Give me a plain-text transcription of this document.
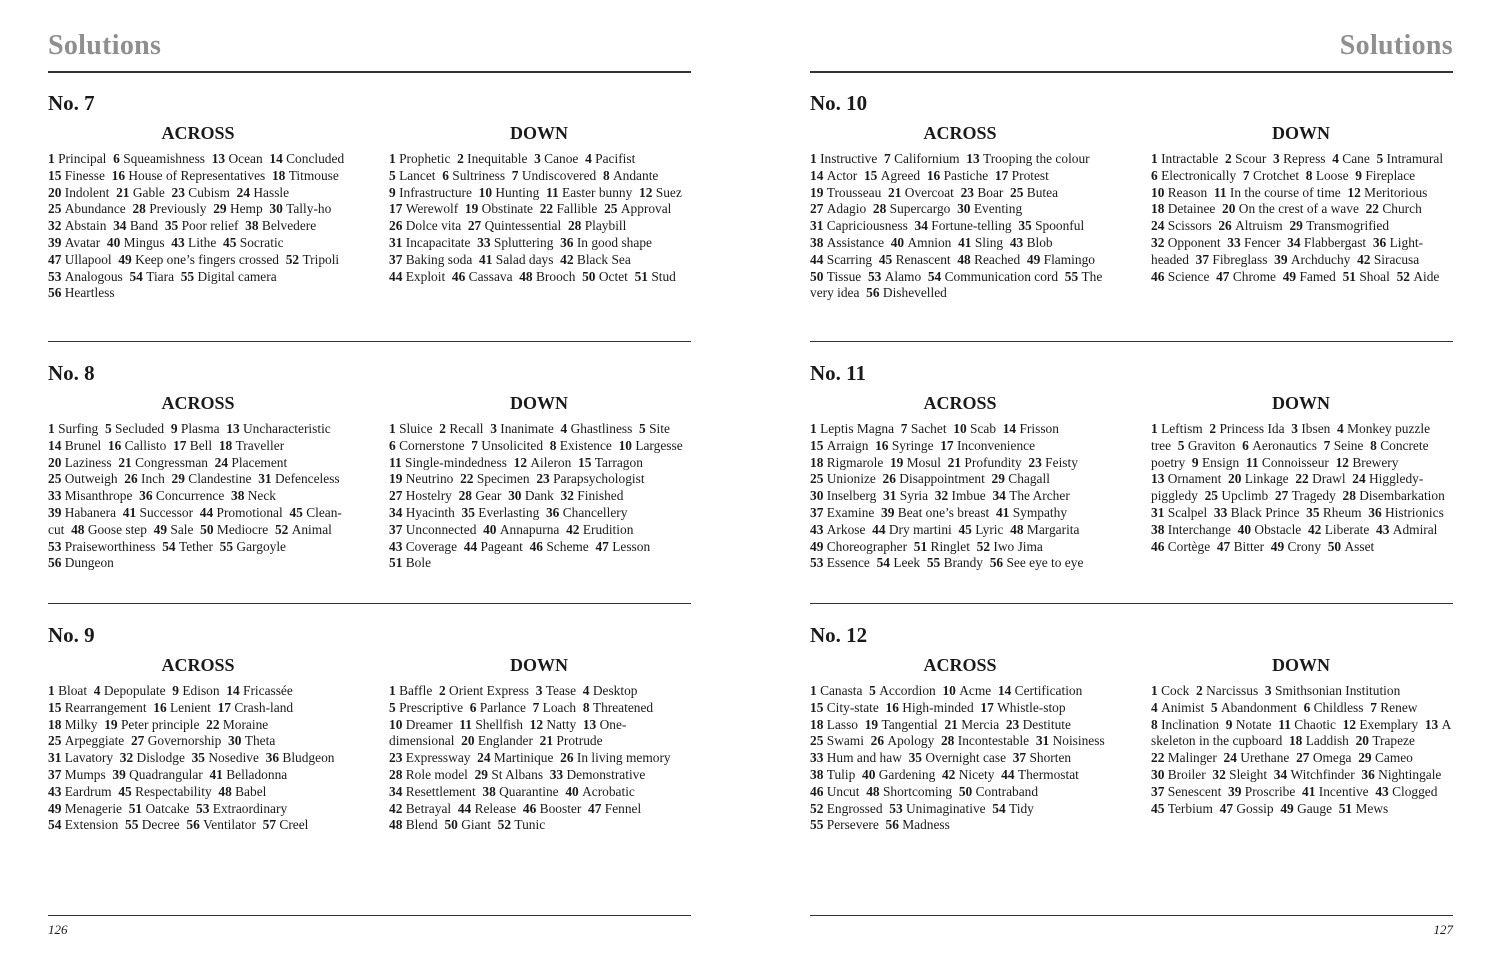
Solutions
No. 7
ACROSS
1 Principal 6 Squeamishness 13 Ocean 14 Concluded  15 Finesse 16 House of Representatives 18 Titmouse  20 Indolent 21 Gable 23 Cubism 24 Hassle  25 Abundance 28 Previously 29 Hemp 30 Tally-ho  32 Abstain 34 Band 35 Poor relief 38 Belvedere  39 Avatar 40 Mingus 43 Lithe 45 Socratic  47 Ullapool 49 Keep one’s fingers crossed 52 Tripoli  53 Analogous 54 Tiara 55 Digital camera  56 Heartless
DOWN
1 Prophetic 2 Inequitable 3 Canoe 4 Pacifist  5 Lancet 6 Sultriness 7 Undiscovered 8 Andante  9 Infrastructure 10 Hunting 11 Easter bunny 12 Suez  17 Werewolf 19 Obstinate 22 Fallible 25 Approval  26 Dolce vita 27 Quintessential 28 Playbill  31 Incapacitate 33 Spluttering 36 In good shape  37 Baking soda 41 Salad days 42 Black Sea  44 Exploit 46 Cassava 48 Brooch 50 Octet 51 Stud
No. 8
ACROSS
1 Surfing 5 Secluded 9 Plasma 13 Uncharacteristic  14 Brunel 16 Callisto 17 Bell 18 Traveller  20 Laziness 21 Congressman 24 Placement  25 Outweigh 26 Inch 29 Clandestine 31 Defenceless  33 Misanthrope 36 Concurrence 38 Neck  39 Habanera 41 Successor 44 Promotional 45 Clean-cut 48 Goose step 49 Sale 50 Mediocre 52 Animal  53 Praiseworthiness 54 Tether 55 Gargoyle  56 Dungeon
DOWN
1 Sluice 2 Recall 3 Inanimate 4 Ghastliness 5 Site  6 Cornerstone 7 Unsolicited 8 Existence 10 Largesse  11 Single-mindedness 12 Aileron 15 Tarragon  19 Neutrino 22 Specimen 23 Parapsychologist  27 Hostelry 28 Gear 30 Dank 32 Finished  34 Hyacinth 35 Everlasting 36 Chancellery  37 Unconnected 40 Annapurna 42 Erudition  43 Coverage 44 Pageant 46 Scheme 47 Lesson  51 Bole
No. 9
ACROSS
1 Bloat 4 Depopulate 9 Edison 14 Fricassée  15 Rearrangement 16 Lenient 17 Crash-land  18 Milky 19 Peter principle 22 Moraine  25 Arpeggiate 27 Governorship 30 Theta  31 Lavatory 32 Dislodge 35 Nosedive 36 Bludgeon  37 Mumps 39 Quadrangular 41 Belladonna  43 Eardrum 45 Respectability 48 Babel  49 Menagerie 51 Oatcake 53 Extraordinary  54 Extension 55 Decree 56 Ventilator 57 Creel
DOWN
1 Baffle 2 Orient Express 3 Tease 4 Desktop  5 Prescriptive 6 Parlance 7 Loach 8 Threatened  10 Dreamer 11 Shellfish 12 Natty 13 One-dimensional 20 Englander 21 Protrude  23 Expressway 24 Martinique 26 In living memory  28 Role model 29 St Albans 33 Demonstrative  34 Resettlement 38 Quarantine 40 Acrobatic  42 Betrayal 44 Release 46 Booster 47 Fennel  48 Blend 50 Giant 52 Tunic
126
Solutions
No. 10
ACROSS
1 Instructive 7 Californium 13 Trooping the colour  14 Actor 15 Agreed 16 Pastiche 17 Protest  19 Trousseau 21 Overcoat 23 Boar 25 Butea  27 Adagio 28 Supercargo 30 Eventing  31 Capriciousness 34 Fortune-telling 35 Spoonful  38 Assistance 40 Amnion 41 Sling 43 Blob  44 Scarring 45 Renascent 48 Reached 49 Flamingo  50 Tissue 53 Alamo 54 Communication cord 55 The very idea 56 Dishevelled
DOWN
1 Intractable 2 Scour 3 Repress 4 Cane 5 Intramural  6 Electronically 7 Crotchet 8 Loose 9 Fireplace  10 Reason 11 In the course of time 12 Meritorious  18 Detainee 20 On the crest of a wave 22 Church  24 Scissors 26 Altruism 29 Transmogrified  32 Opponent 33 Fencer 34 Flabbergast 36 Light-headed 37 Fibreglass 39 Archduchy 42 Siracusa  46 Science 47 Chrome 49 Famed 51 Shoal 52 Aide
No. 11
ACROSS
1 Leptis Magna 7 Sachet 10 Scab 14 Frisson  15 Arraign 16 Syringe 17 Inconvenience  18 Rigmarole 19 Mosul 21 Profundity 23 Feisty  25 Unionize 26 Disappointment 29 Chagall  30 Inselberg 31 Syria 32 Imbue 34 The Archer  37 Examine 39 Beat one’s breast 41 Sympathy  43 Arkose 44 Dry martini 45 Lyric 48 Margarita  49 Choreographer 51 Ringlet 52 Iwo Jima  53 Essence 54 Leek 55 Brandy 56 See eye to eye
DOWN
1 Leftism 2 Princess Ida 3 Ibsen 4 Monkey puzzle tree 5 Graviton 6 Aeronautics 7 Seine 8 Concrete poetry 9 Ensign 11 Connoisseur 12 Brewery  13 Ornament 20 Linkage 22 Drawl 24 Higgledy-piggledy 25 Upclimb 27 Tragedy 28 Disembarkation  31 Scalpel 33 Black Prince 35 Rheum 36 Histrionics  38 Interchange 40 Obstacle 42 Liberate 43 Admiral  46 Cortège 47 Bitter 49 Crony 50 Asset
No. 12
ACROSS
1 Canasta 5 Accordion 10 Acme 14 Certification  15 City-state 16 High-minded 17 Whistle-stop  18 Lasso 19 Tangential 21 Mercia 23 Destitute  25 Swami 26 Apology 28 Incontestable 31 Noisiness  33 Hum and haw 35 Overnight case 37 Shorten  38 Tulip 40 Gardening 42 Nicety 44 Thermostat  46 Uncut 48 Shortcoming 50 Contraband  52 Engrossed 53 Unimaginative 54 Tidy  55 Persevere 56 Madness
DOWN
1 Cock 2 Narcissus 3 Smithsonian Institution  4 Animist 5 Abandonment 6 Childless 7 Renew  8 Inclination 9 Notate 11 Chaotic 12 Exemplary 13 A skeleton in the cupboard 18 Laddish 20 Trapeze  22 Malinger 24 Urethane 27 Omega 29 Cameo  30 Broiler 32 Sleight 34 Witchfinder 36 Nightingale  37 Senescent 39 Proscribe 41 Incentive 43 Clogged  45 Terbium 47 Gossip 49 Gauge 51 Mews
127
